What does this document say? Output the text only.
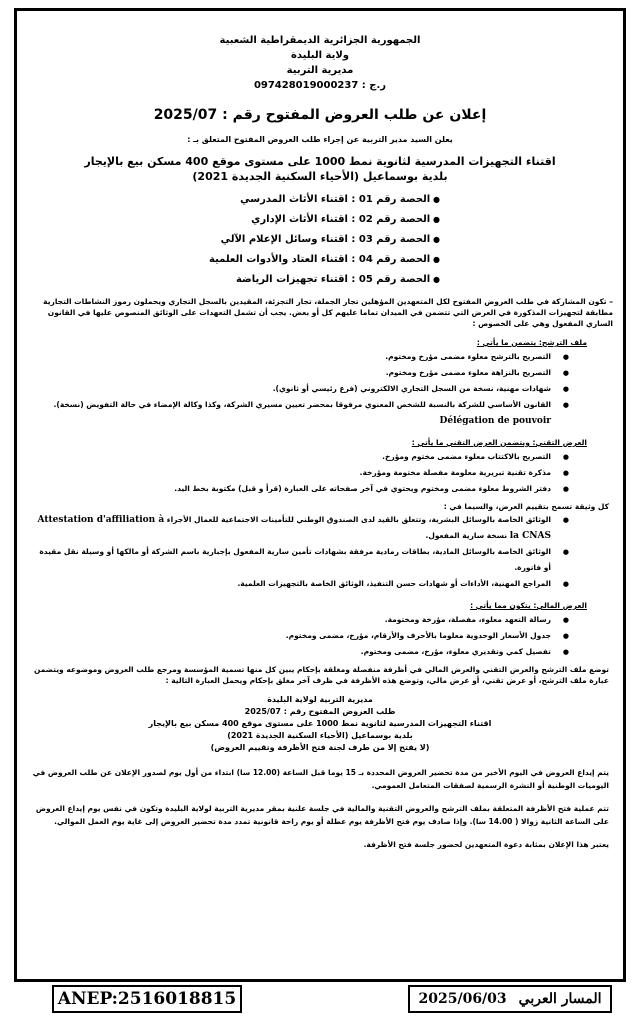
الجمهورية الجزائرية الديمقراطية الشعبية
ولاية البليدة
مديرية التربية
ر.ج : 097428019000237
إعلان عن طلب العروض المفتوح رقم : 2025/07
يعلن السيد مدير التربية عن إجراء طلب العروض المفتوح المتعلق بـ :
اقتناء التجهيزات المدرسية لثانوية نمط 1000 على مستوى موقع 400 مسكن بيع بالإيجار
بلدية بوسماعيل (الأحياء السكنية الجديدة 2021)
● الحصة رقم 01 : اقتناء الأثاث المدرسي
● الحصة رقم 02 : اقتناء الأثاث الإداري
● الحصة رقم 03 : اقتناء وسائل الإعلام الآلي
● الحصة رقم 04 : اقتناء العتاد والأدوات العلمية
● الحصة رقم 05 : اقتناء تجهيزات الرياضة
– تكون المشاركة في طلب العروض المفتوح لكل المتعهدين المؤهلين تجار الجملة، تجار التجزئة، المقيدين بالسجل التجاري ويحملون رموز النشاطات التجارية مطابقة لتجهيزات المذكورة في العرض التي تتضمن في الميدان تماما عليهم كل أو بعض. يجب أن تشمل التعهدات على الوثائق المنصوص عليها في القانون الساري المفعول وهي على الخصوص :
ملف الترشح: يتضمن ما يأتي :
● التصريح بالترشح معلوء مضمى مؤرخ ومختوم.
● التصريح بالنزاهة معلوء مضمى مؤرخ ومختوم.
● شهادات مهنية، نسخة من السجل التجاري الالكتروني (فرع رئيسي أو ثانوي).
● القانون الأساسي للشركة بالنسبة للشخص المعنوي مرفوقا بمحضر تعيين مسيري الشركة، وكذا وكالة الإمضاء في حالة التفويض (نسخة). Délégation de pouvoir
العرض التقني: ويتضمن العرض التقني ما يأتي :
● التصريح بالاكتتاب معلوء مضمى مختوم ومؤرخ.
● مذكرة تقنية تبريرية معلومة مفصلة مختومة ومؤرخة.
● دفتر الشروط معلوء مضمى ومختوم ويحتوي في آخر صفحاته على العبارة (قرأ و قبل) مكتوبة بخط اليد.
كل وثيقة تسمح بتقييم العرض، والسيما في :
● الوثائق الخاصة بالوسائل البشرية، وتتعلق بالقيد لدى الصندوق الوطني للتأمينات الاجتماعية للعمال الأجراء Attestation d'affiliation à la CNAS نسخة سارية المفعول.
● الوثائق الخاصة بالوسائل المادية، بطاقات رمادية مرفقة بشهادات تأمين سارية المفعول بإجبارية باسم الشركة أو مالكها أو وسيلة نقل مقيدة أو فاتورة.
● المراجع المهنية، الأداءات أو شهادات حسن التنفيذ، الوثائق الخاصة بالتجهيزات العلمية.
العرض المالي: يتكون مما يأتي :
● رسالة التعهد معلوء، مفصلة، مؤرخة ومختومة.
● جدول الأسعار الوحدوية معلوما بالأحرف والأرقام، مؤرخ، مضمى ومختوم.
● تفصيل كمي وتقديري معلوء، مؤرخ، مضمى ومختوم.
توضع ملف الترشح والعرض التقني والعرض المالي في أظرفة منفصلة ومغلقة بإحكام يبين كل منها تسمية المؤسسة ومرجع طلب العروض وموضوعه ويتضمن عبارة ملف الترشح، أو عرض تقني، أو عرض مالي، وتوضع هذه الأظرفة في ظرف آخر مغلق بإحكام ويحمل العبارة التالية :
مديرية التربية لولاية البليدة
طلب العروض المفتوح رقم : 2025/07
اقتناء التجهيزات المدرسية لثانوية نمط 1000 على مستوى موقع 400 مسكن بيع بالإيجار
بلدية بوسماعيل (الأحياء السكنية الجديدة 2021)
(لا يفتح إلا من طرف لجنة فتح الأظرفة وتقييم العروض)

يتم إيداع العروض في اليوم الأخير من مدة تحضير العروض المحددة بـ 15 يوما قبل الساعة (12.00 سا) ابتداء من أول يوم لصدور الإعلان عن طلب العروض في اليوميات الوطنية أو النشرة الرسمية لصفقات المتعامل العمومي.

تتم عملية فتح الأظرفة المتعلقة بملف الترشح والعروض التقنية والمالية في جلسة علنية بمقر مديرية التربية لولاية البليدة وتكون في نفس يوم إيداع العروض على الساعة الثانية زوالا ( 14.00 سا). وإذا صادف يوم فتح الأظرفة يوم عطلة أو يوم راحة قانونية تمدد مدة تحضير العروض إلى غاية يوم العمل الموالي.

يعتبر هذا الإعلان بمثابة دعوة المتعهدين لحضور جلسة فتح الأظرفة.

ANEP:2516018815	2025/06/03 المسار العربي
